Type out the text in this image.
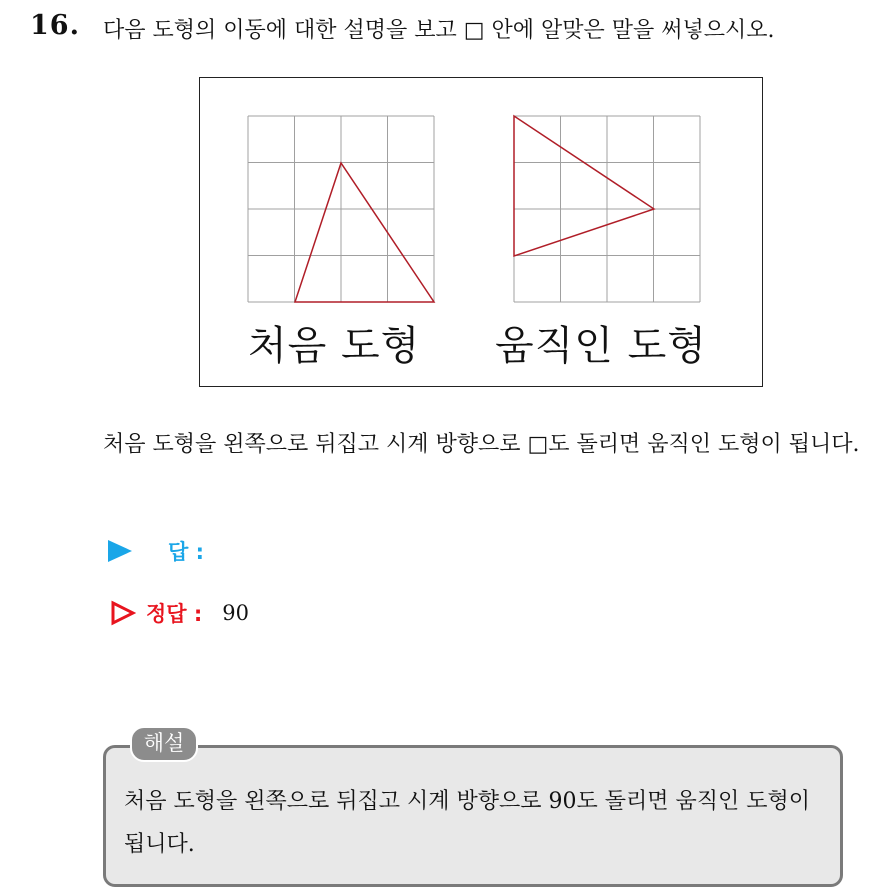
16. 다음 도형의 이동에 대한 설명을 보고 □ 안에 알맞은 말을 써넣으시오.
처음 도형 움직인 도형
처음 도형을 왼쪽으로 뒤집고 시계 방향으로 □도 돌리면 움직인 도형이 됩니다.
답 :
정답 : 90
해설
처음 도형을 왼쪽으로 뒤집고 시계 방향으로 90도 돌리면 움직인 도형이 됩니다.
